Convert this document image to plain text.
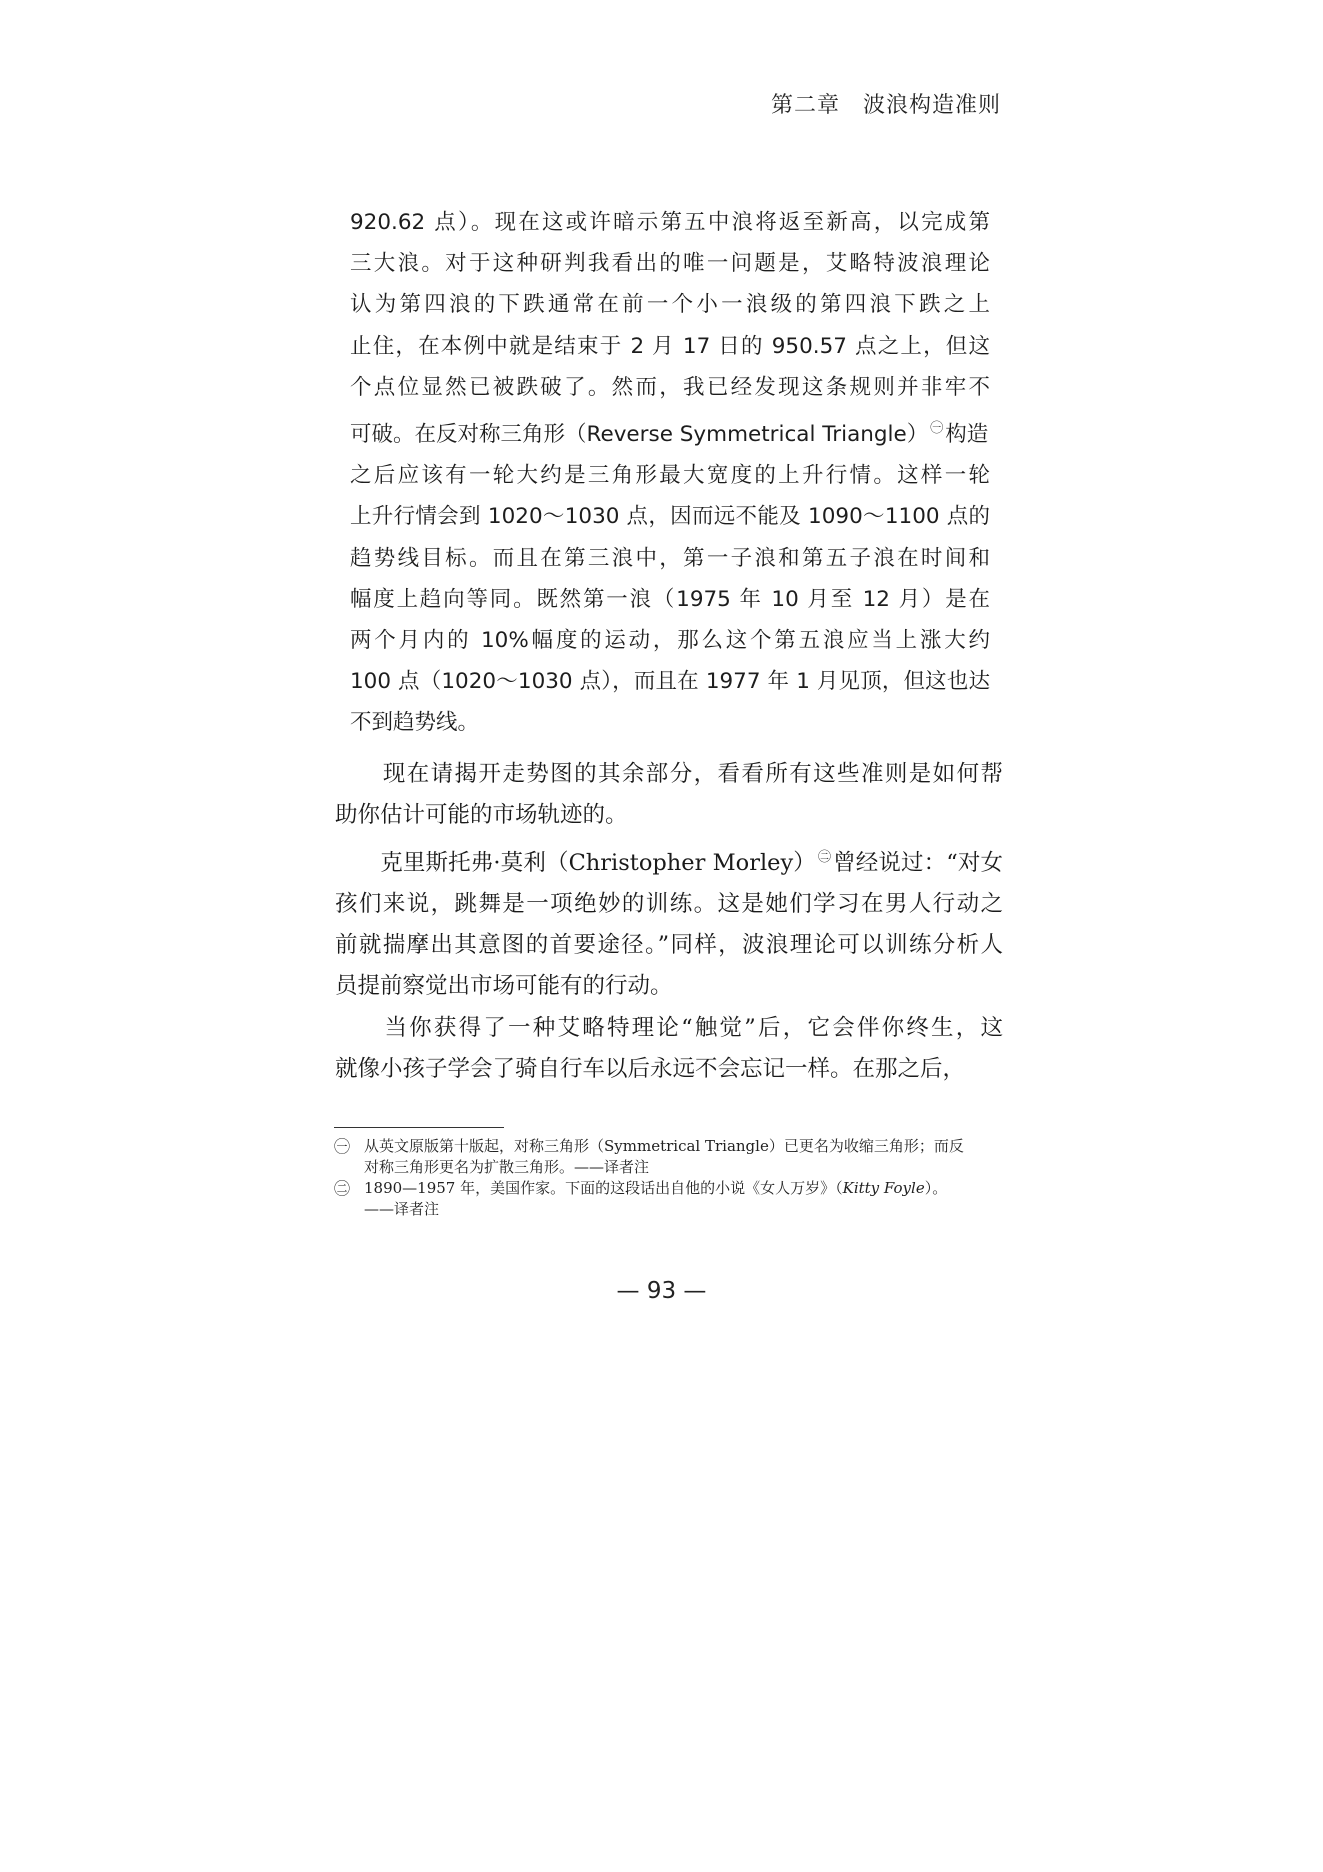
第二章　波浪构造准则
920.62 点）。现在这或许暗示第五中浪将返至新高，以完成第
三大浪。对于这种研判我看出的唯一问题是，艾略特波浪理论
认为第四浪的下跌通常在前一个小一浪级的第四浪下跌之上
止住，在本例中就是结束于 2 月 17 日的 950.57 点之上，但这
个点位显然已被跌破了。然而，我已经发现这条规则并非牢不
可破。在反对称三角形（Reverse Symmetrical Triangle） $^㊀$构造
之后应该有一轮大约是三角形最大宽度的上升行情。这样一轮
上升行情会到 1020～1030 点，因而远不能及 1090～1100 点的
趋势线目标。而且在第三浪中，第一子浪和第五子浪在时间和
幅度上趋向等同。既然第一浪（1975 年 10 月至 12 月）是在
两个月内的 10%幅度的运动，那么这个第五浪应当上涨大约
100 点（1020～1030 点），而且在 1977 年 1 月见顶，但这也达
不到趋势线。
　　现在请揭开走势图的其余部分，看看所有这些准则是如何帮
助你估计可能的市场轨迹的。
　　克里斯托弗·莫利（Christopher Morley） $^㊁$曾经说过：“对女
孩们来说，跳舞是一项绝妙的训练。这是她们学习在男人行动之
前就揣摩出其意图的首要途径。”同样，波浪理论可以训练分析人
员提前察觉出市场可能有的行动。
　　当你获得了一种艾略特理论“触觉”后，它会伴你终生，这
就像小孩子学会了骑自行车以后永远不会忘记一样。在那之后，
㊀ 从英文原版第十版起，对称三角形（Symmetrical Triangle）已更名为收缩三角形；而反
对称三角形更名为扩散三角形。——译者注
㊁ 1890—1957 年，美国作家。下面的这段话出自他的小说《女人万岁》（Kitty Foyle）。
——译者注
— 93 —
